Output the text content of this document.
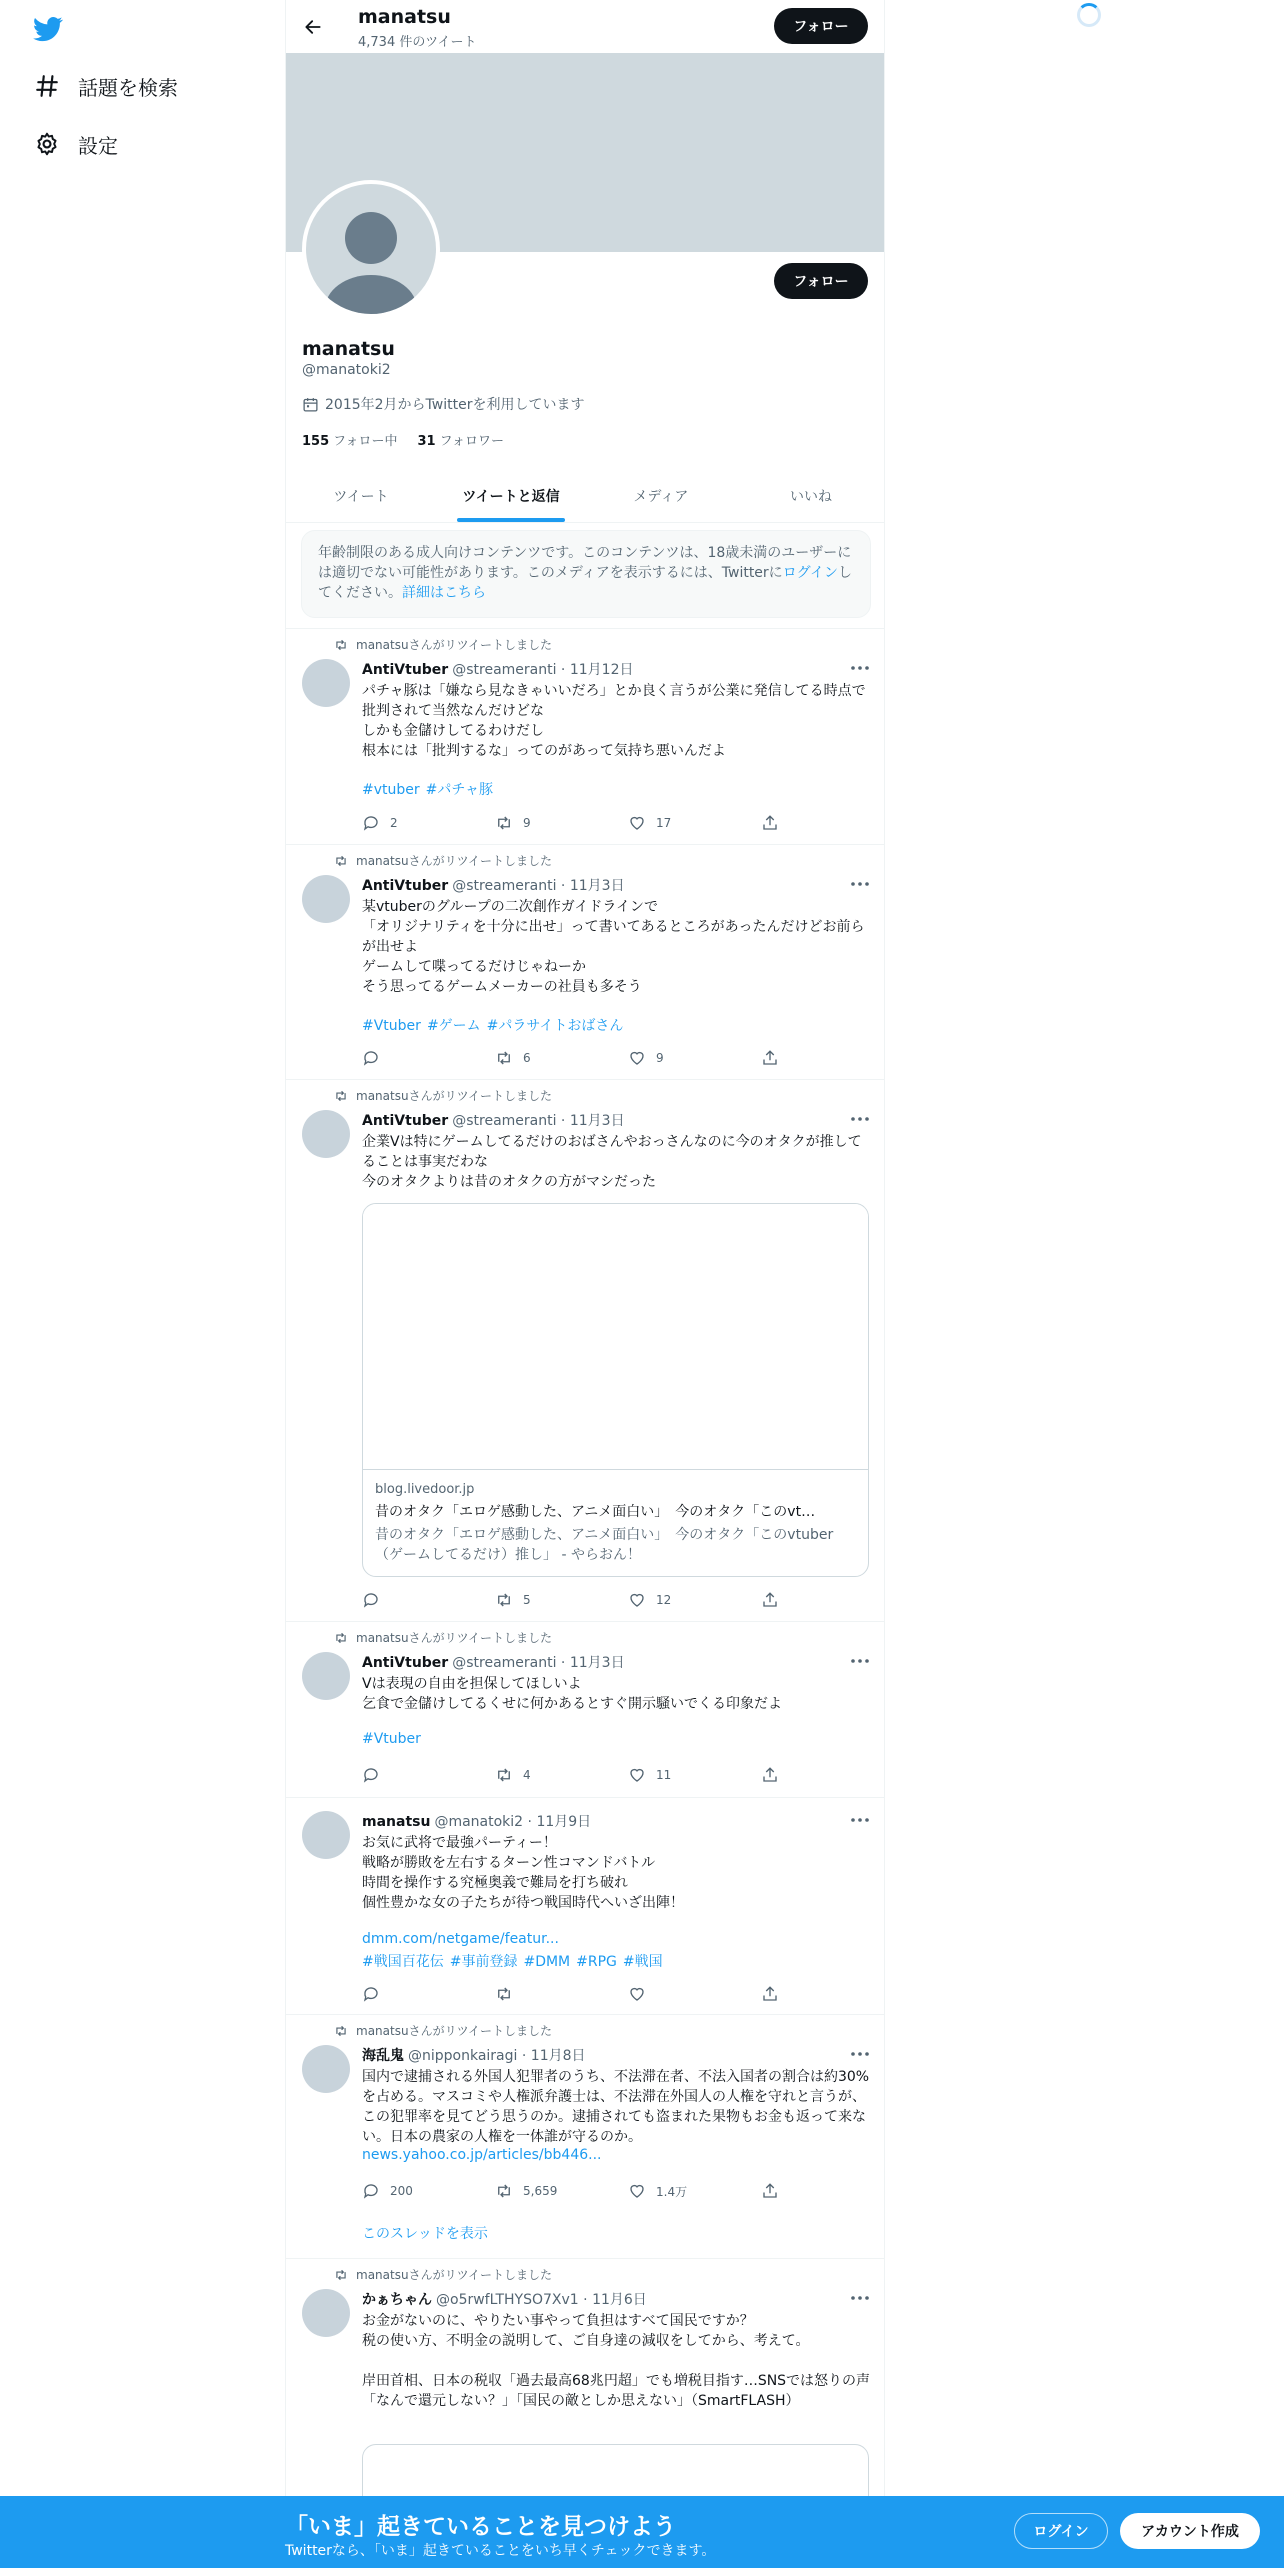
話題を検索
設定
manatsu
4,734 件のツイート
フォロー
フォロー
manatsu
@manatoki2
2015年2月からTwitterを利用しています
155 フォロー中 31 フォロワー
ツイート	ツイートと返信	メディア	いいね
年齢制限のある成人向けコンテンツです。このコンテンツは、18歳未満のユーザーには適切でない可能性があります。このメディアを表示するには、Twitterにログインしてください。詳細はこちら
manatsuさんがリツイートしました
AntiVtuber @streameranti · 11月12日
パチャ豚は「嫌なら見なきゃいいだろ」とか良く言うが公業に発信してる時点で批判されて当然なんだけどな
しかも金儲けしてるわけだし
根本には「批判するな」ってのがあって気持ち悪いんだよ
#vtuber #パチャ豚
2	9	17
manatsuさんがリツイートしました
AntiVtuber @streameranti · 11月3日
某vtuberのグループの二次創作ガイドラインで
「オリジナリティを十分に出せ」って書いてあるところがあったんだけどお前らが出せよ
ゲームして喋ってるだけじゃねーか
そう思ってるゲームメーカーの社員も多そう
#Vtuber #ゲーム #パラサイトおばさん
6	9
manatsuさんがリツイートしました
AntiVtuber @streameranti · 11月3日
企業Vは特にゲームしてるだけのおばさんやおっさんなのに今のオタクが推してることは事実だわな
今のオタクよりは昔のオタクの方がマシだった
blog.livedoor.jp
昔のオタク「エロゲ感動した、アニメ面白い」　今のオタク「このvt…
昔のオタク「エロゲ感動した、アニメ面白い」　今のオタク「このvtuber（ゲームしてるだけ）推し」 - やらおん！
5	12
manatsuさんがリツイートしました
AntiVtuber @streameranti · 11月3日
Vは表現の自由を担保してほしいよ
乞食で金儲けしてるくせに何かあるとすぐ開示騒いでくる印象だよ
#Vtuber
4	11
manatsu @manatoki2 · 11月9日
お気に武将で最強パーティー！
戦略が勝敗を左右するターン性コマンドバトル
時間を操作する究極奥義で難局を打ち破れ
個性豊かな女の子たちが待つ戦国時代へいざ出陣！
dmm.com/netgame/featur...
#戦国百花伝 #事前登録 #DMM #RPG #戦国
manatsuさんがリツイートしました
海乱鬼 @nipponkairagi · 11月8日
国内で逮捕される外国人犯罪者のうち、不法滞在者、不法入国者の割合は約30%を占める。マスコミや人権派弁護士は、不法滞在外国人の人権を守れと言うが、この犯罪率を見てどう思うのか。逮捕されても盗まれた果物もお金も返って来ない。日本の農家の人権を一体誰が守るのか。
news.yahoo.co.jp/articles/bb446...
200	5,659	1.4万
このスレッドを表示
manatsuさんがリツイートしました
かぁちゃん @o5rwfLTHYSO7Xv1 · 11月6日
お金がないのに、やりたい事やって負担はすべて国民ですか？
税の使い方、不明金の説明して、ご自身達の減収をしてから、考えて。

岸田首相、日本の税収「過去最高68兆円超」でも増税目指す…SNSでは怒りの声「なんで還元しない？」「国民の敵としか思えない」（SmartFLASH）
「いま」起きていることを見つけよう
Twitterなら、「いま」起きていることをいち早くチェックできます。
ログイン	アカウント作成
